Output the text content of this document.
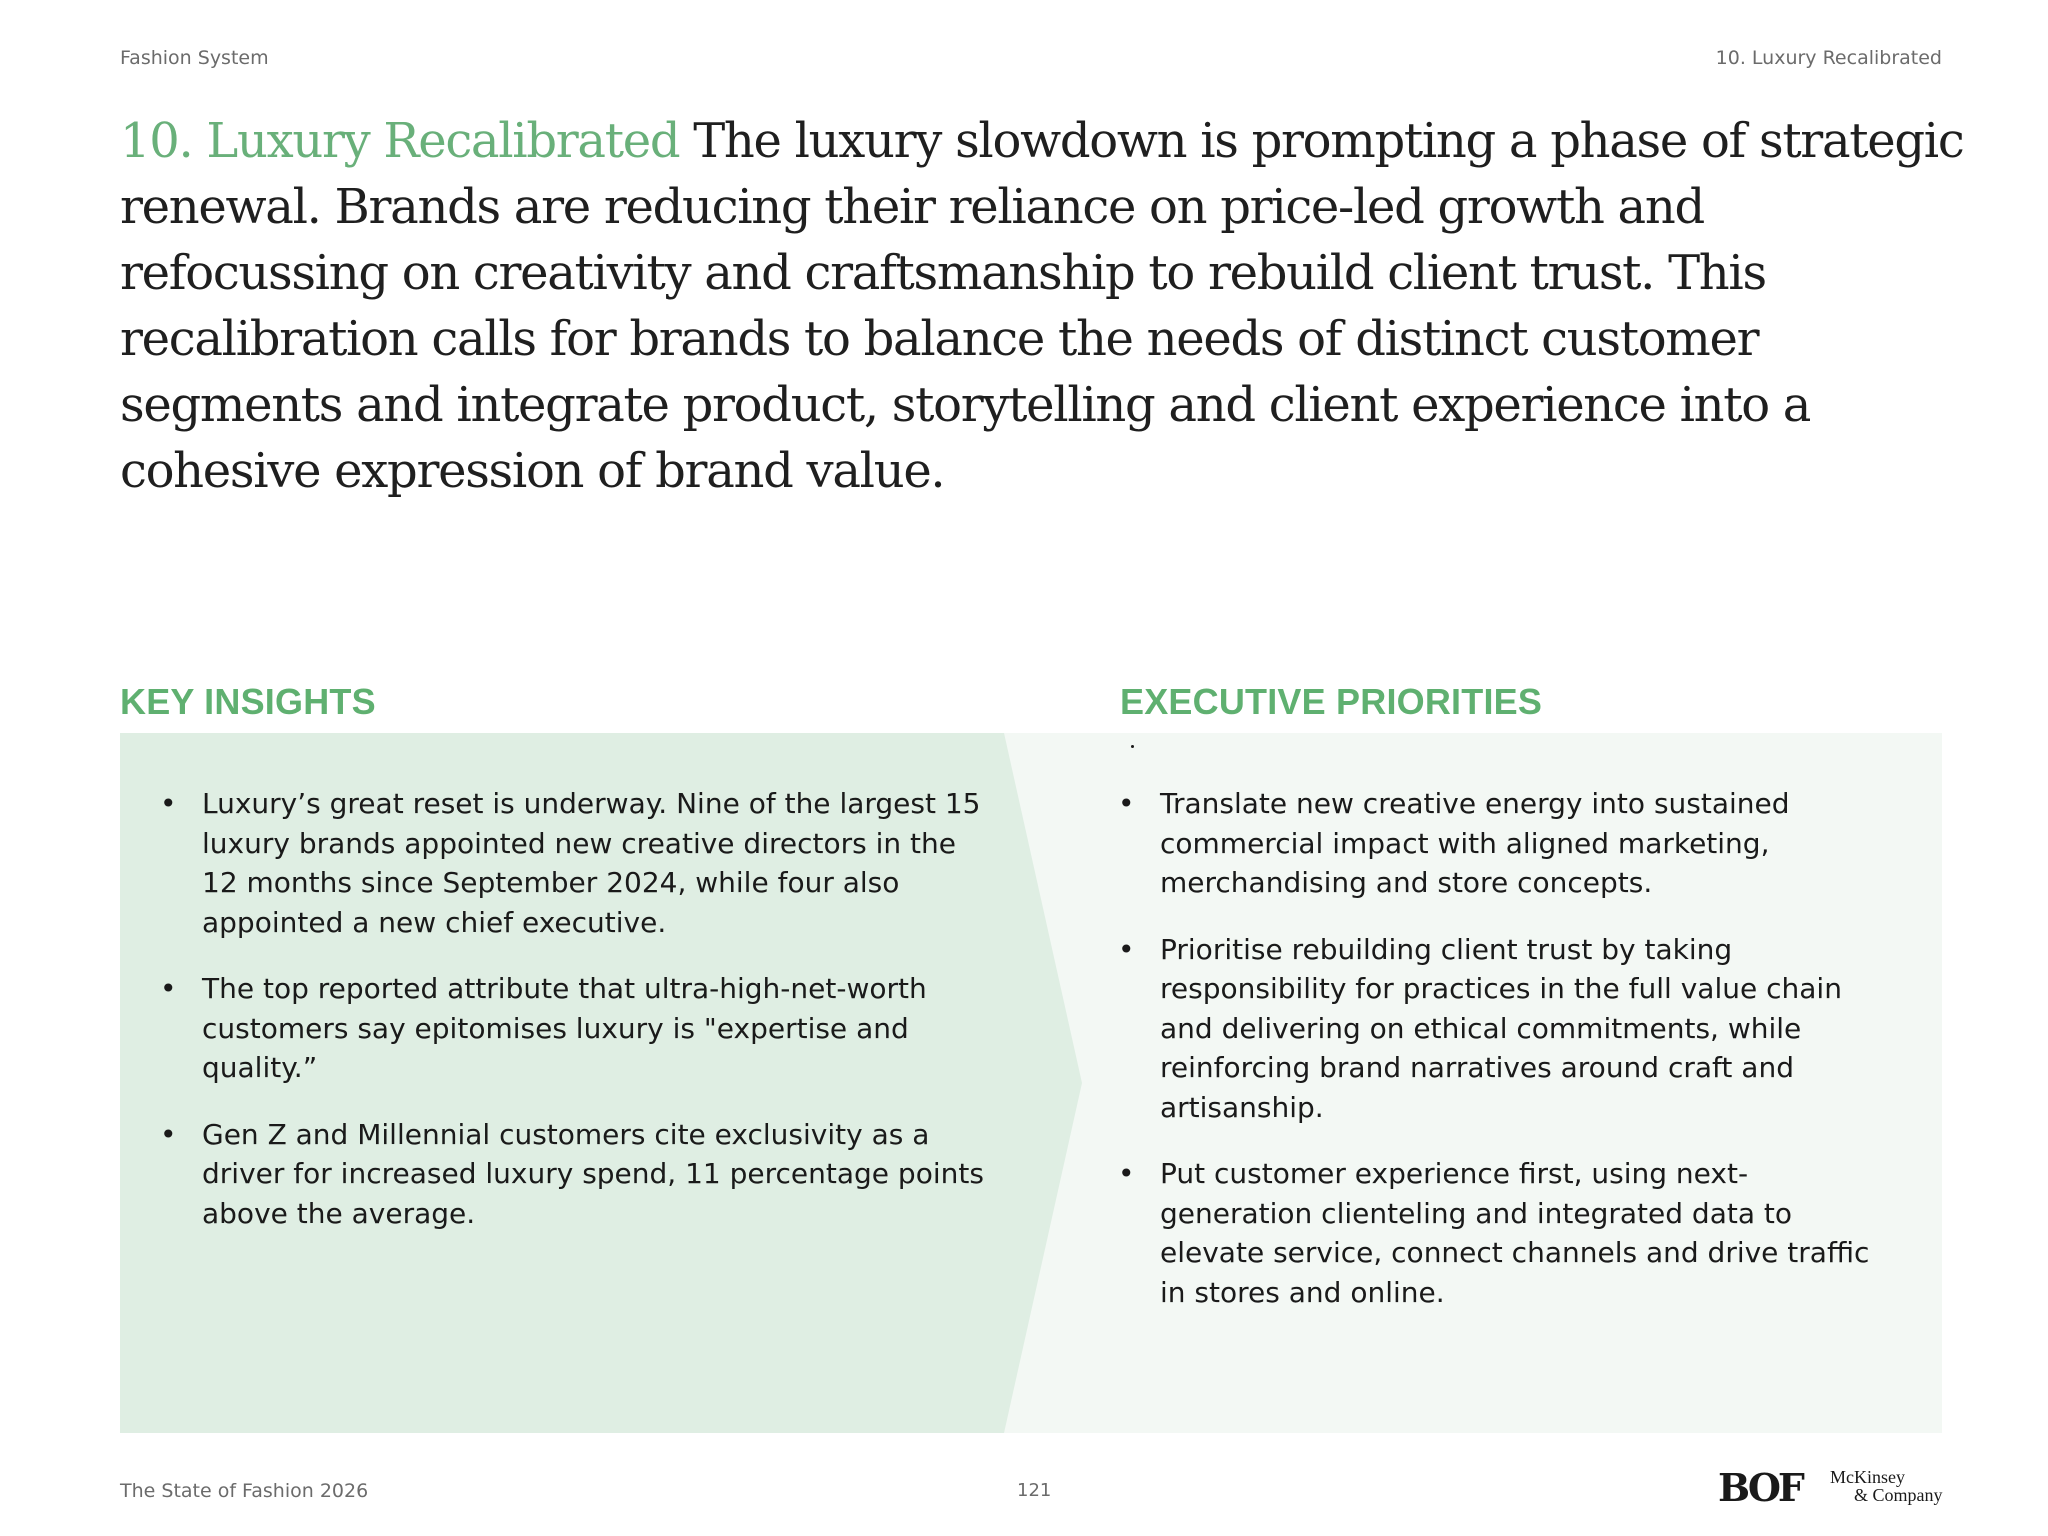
Fashion System	10. Luxury Recalibrated
10. Luxury Recalibrated The luxury slowdown is prompting a phase of strategic renewal. Brands are reducing their reliance on price-led growth and refocussing on creativity and craftsmanship to rebuild client trust. This recalibration calls for brands to balance the needs of distinct customer segments and integrate product, storytelling and client experience into a cohesive expression of brand value.
KEY INSIGHTS	EXECUTIVE PRIORITIES
• Luxury’s great reset is underway. Nine of the largest 15 luxury brands appointed new creative directors in the 12 months since September 2024, while four also appointed a new chief executive.
• The top reported attribute that ultra-high-net-worth customers say epitomises luxury is "expertise and quality.”
• Gen Z and Millennial customers cite exclusivity as a driver for increased luxury spend, 11 percentage points above the average.
• Translate new creative energy into sustained commercial impact with aligned marketing, merchandising and store concepts.
• Prioritise rebuilding client trust by taking responsibility for practices in the full value chain and delivering on ethical commitments, while reinforcing brand narratives around craft and artisanship.
• Put customer experience first, using next-generation clienteling and integrated data to elevate service, connect channels and drive traffic in stores and online.
The State of Fashion 2026	121	BOF McKinsey
& Company
